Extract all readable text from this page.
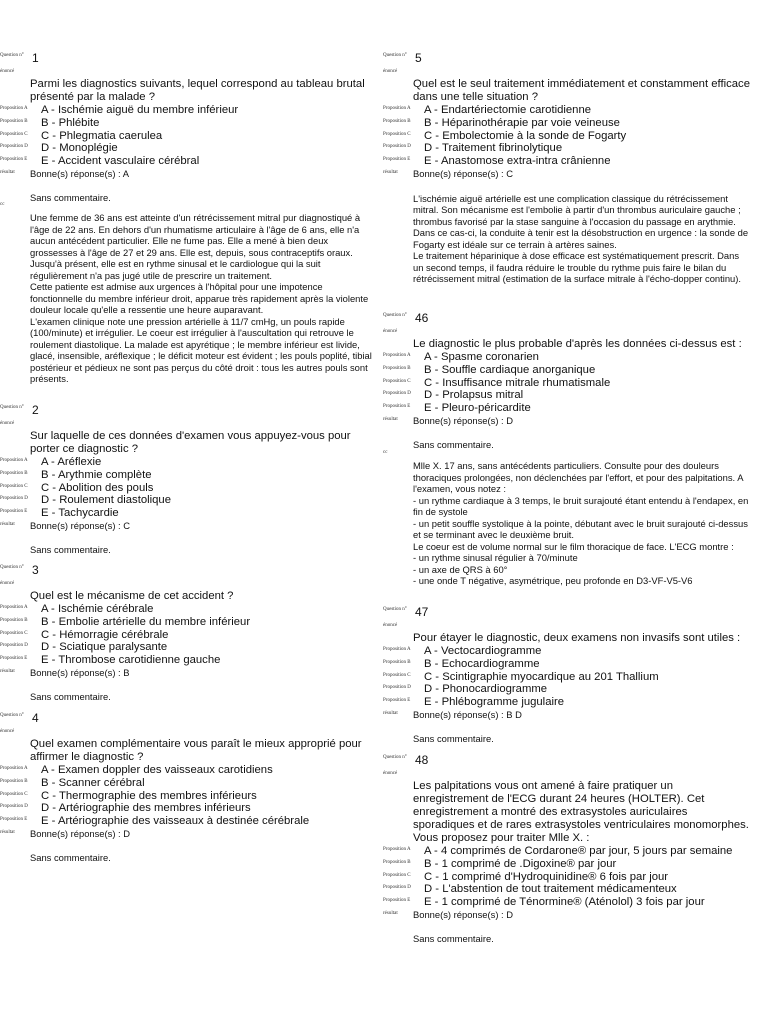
Question n°
énoncé
1
Parmi les diagnostics suivants, lequel correspond au tableau brutal présenté par la malade ?
Proposition A A - Ischémie aiguë du membre inférieur
Proposition B B - Phlébite
Proposition C C - Phlegmatia caerulea
Proposition D D - Monoplégie
Proposition E E - Accident vasculaire cérébral
résultat Bonne(s) réponse(s) : A
Sans commentaire.
cc

Une femme de 36 ans est atteinte d'un rétrécissement mitral pur diagnostiqué à l'âge de 22 ans. En dehors d'un rhumatisme articulaire à l'âge de 6 ans, elle n'a aucun antécédent particulier. Elle ne fume pas. Elle a mené à bien deux grossesses à l'âge de 27 et 29 ans. Elle est, depuis, sous contraceptifs oraux.

Jusqu'à présent, elle est en rythme sinusal et le cardiologue qui la suit régulièrement n'a pas jugé utile de prescrire un traitement.

Cette patiente est admise aux urgences à l'hôpital pour une impotence fonctionnelle du membre inférieur droit, apparue très rapidement après la violente douleur locale qu'elle a ressentie une heure auparavant.

L'examen clinique note une pression artérielle à 11/7 cmHg, un pouls rapide (100/minute) et irrégulier. Le coeur est irrégulier à l'auscultation qui retrouve le roulement diastolique. La malade est apyrétique ; le membre inférieur est livide, glacé, insensible, aréflexique ; le déficit moteur est évident ; les pouls poplité, tibial postérieur et pédieux ne sont pas perçus du côté droit : tous les autres pouls sont présents.

Question n°
énoncé
2
Sur laquelle de ces données d'examen vous appuyez-vous pour porter ce diagnostic ?
Proposition A A - Aréflexie
Proposition B B - Arythmie complète
Proposition C C - Abolition des pouls
Proposition D D - Roulement diastolique
Proposition E E - Tachycardie
résultat Bonne(s) réponse(s) : C
Sans commentaire.
Question n°
énoncé
3
Quel est le mécanisme de cet accident ?
Proposition A A - Ischémie cérébrale
Proposition B B - Embolie artérielle du membre inférieur
Proposition C C - Hémorragie cérébrale
Proposition D D - Sciatique paralysante
Proposition E E - Thrombose carotidienne gauche
résultat Bonne(s) réponse(s) : B
Sans commentaire.
Question n°
énoncé
4
Quel examen complémentaire vous paraît le mieux approprié pour affirmer le diagnostic ?
Proposition A A - Examen doppler des vaisseaux carotidiens
Proposition B B - Scanner cérébral
Proposition C C - Thermographie des membres inférieurs
Proposition D D - Artériographie des membres inférieurs
Proposition E E - Artériographie des vaisseaux à destinée cérébrale
résultat Bonne(s) réponse(s) : D
Sans commentaire.
Question n°
énoncé
5
Quel est le seul traitement immédiatement et constamment efficace dans une telle situation ?
Proposition A A - Endartériectomie carotidienne
Proposition B B - Héparinothérapie par voie veineuse
Proposition C C - Embolectomie à la sonde de Fogarty
Proposition D D - Traitement fibrinolytique
Proposition E E - Anastomose extra-intra crânienne
résultat Bonne(s) réponse(s) : C
L'ischémie aiguë artérielle est une complication classique du rétrécissement mitral. Son mécanisme est l'embolie à partir d'un thrombus auriculaire gauche ; thrombus favorisé par la stase sanguine à l'occasion du passage en arythmie.
Dans ce cas-ci, la conduite à tenir est la désobstruction en urgence : la sonde de Fogarty est idéale sur ce terrain à artères saines.
Le traitement héparinique à dose efficace est systématiquement prescrit. Dans un second temps, il faudra réduire le trouble du rythme puis faire le bilan du rétrécissement mitral (estimation de la surface mitrale à l'écho-dopper continu).
Question n°
énoncé
46
Le diagnostic le plus probable d'après les données ci-dessus est :
Proposition A A - Spasme coronarien
Proposition B B - Souffle cardiaque anorganique
Proposition C C - Insuffisance mitrale rhumatismale
Proposition D D - Prolapsus mitral
Proposition E E - Pleuro-péricardite
résultat Bonne(s) réponse(s) : D
Sans commentaire.
cc

Mlle X. 17 ans, sans antécédents particuliers. Consulte pour des douleurs thoraciques prolongées, non déclenchées par l'effort, et pour des palpitations. A l'examen, vous notez :

- un rythme cardiaque à 3 temps, le bruit surajouté étant entendu à l'endapex, en fin de systole

- un petit souffle systolique à la pointe, débutant avec le bruit surajouté ci-dessus et se terminant avec le deuxième bruit.

Le coeur est de volume normal sur le film thoracique de face. L'ECG montre :

- un rythme sinusal régulier à 70/minute

- un axe de QRS à 60°

- une onde T négative, asymétrique, peu profonde en D3-VF-V5-V6

Question n°
énoncé
47
Pour étayer le diagnostic, deux examens non invasifs sont utiles :
Proposition A A - Vectocardiogramme
Proposition B B - Echocardiogramme
Proposition C C - Scintigraphie myocardique au 201 Thallium
Proposition D D - Phonocardiogramme
Proposition E E - Phlébogramme jugulaire
résultat Bonne(s) réponse(s) : B D
Sans commentaire.
Question n°
énoncé
48
Les palpitations vous ont amené à faire pratiquer un enregistrement de l'ECG durant 24 heures (HOLTER). Cet enregistrement a montré des extrasystoles auriculaires sporadiques et de rares extrasystoles ventriculaires monomorphes. Vous proposez pour traiter Mlle X. :
Proposition A A - 4 comprimés de Cordarone® par jour, 5 jours par semaine
Proposition B B - 1 comprimé de .Digoxine® par jour
Proposition C C - 1 comprimé d'Hydroquinidine® 6 fois par jour
Proposition D D - L'abstention de tout traitement médicamenteux
Proposition E E - 1 comprimé de Ténormine® (Aténolol) 3 fois par jour
résultat Bonne(s) réponse(s) : D
Sans commentaire.
